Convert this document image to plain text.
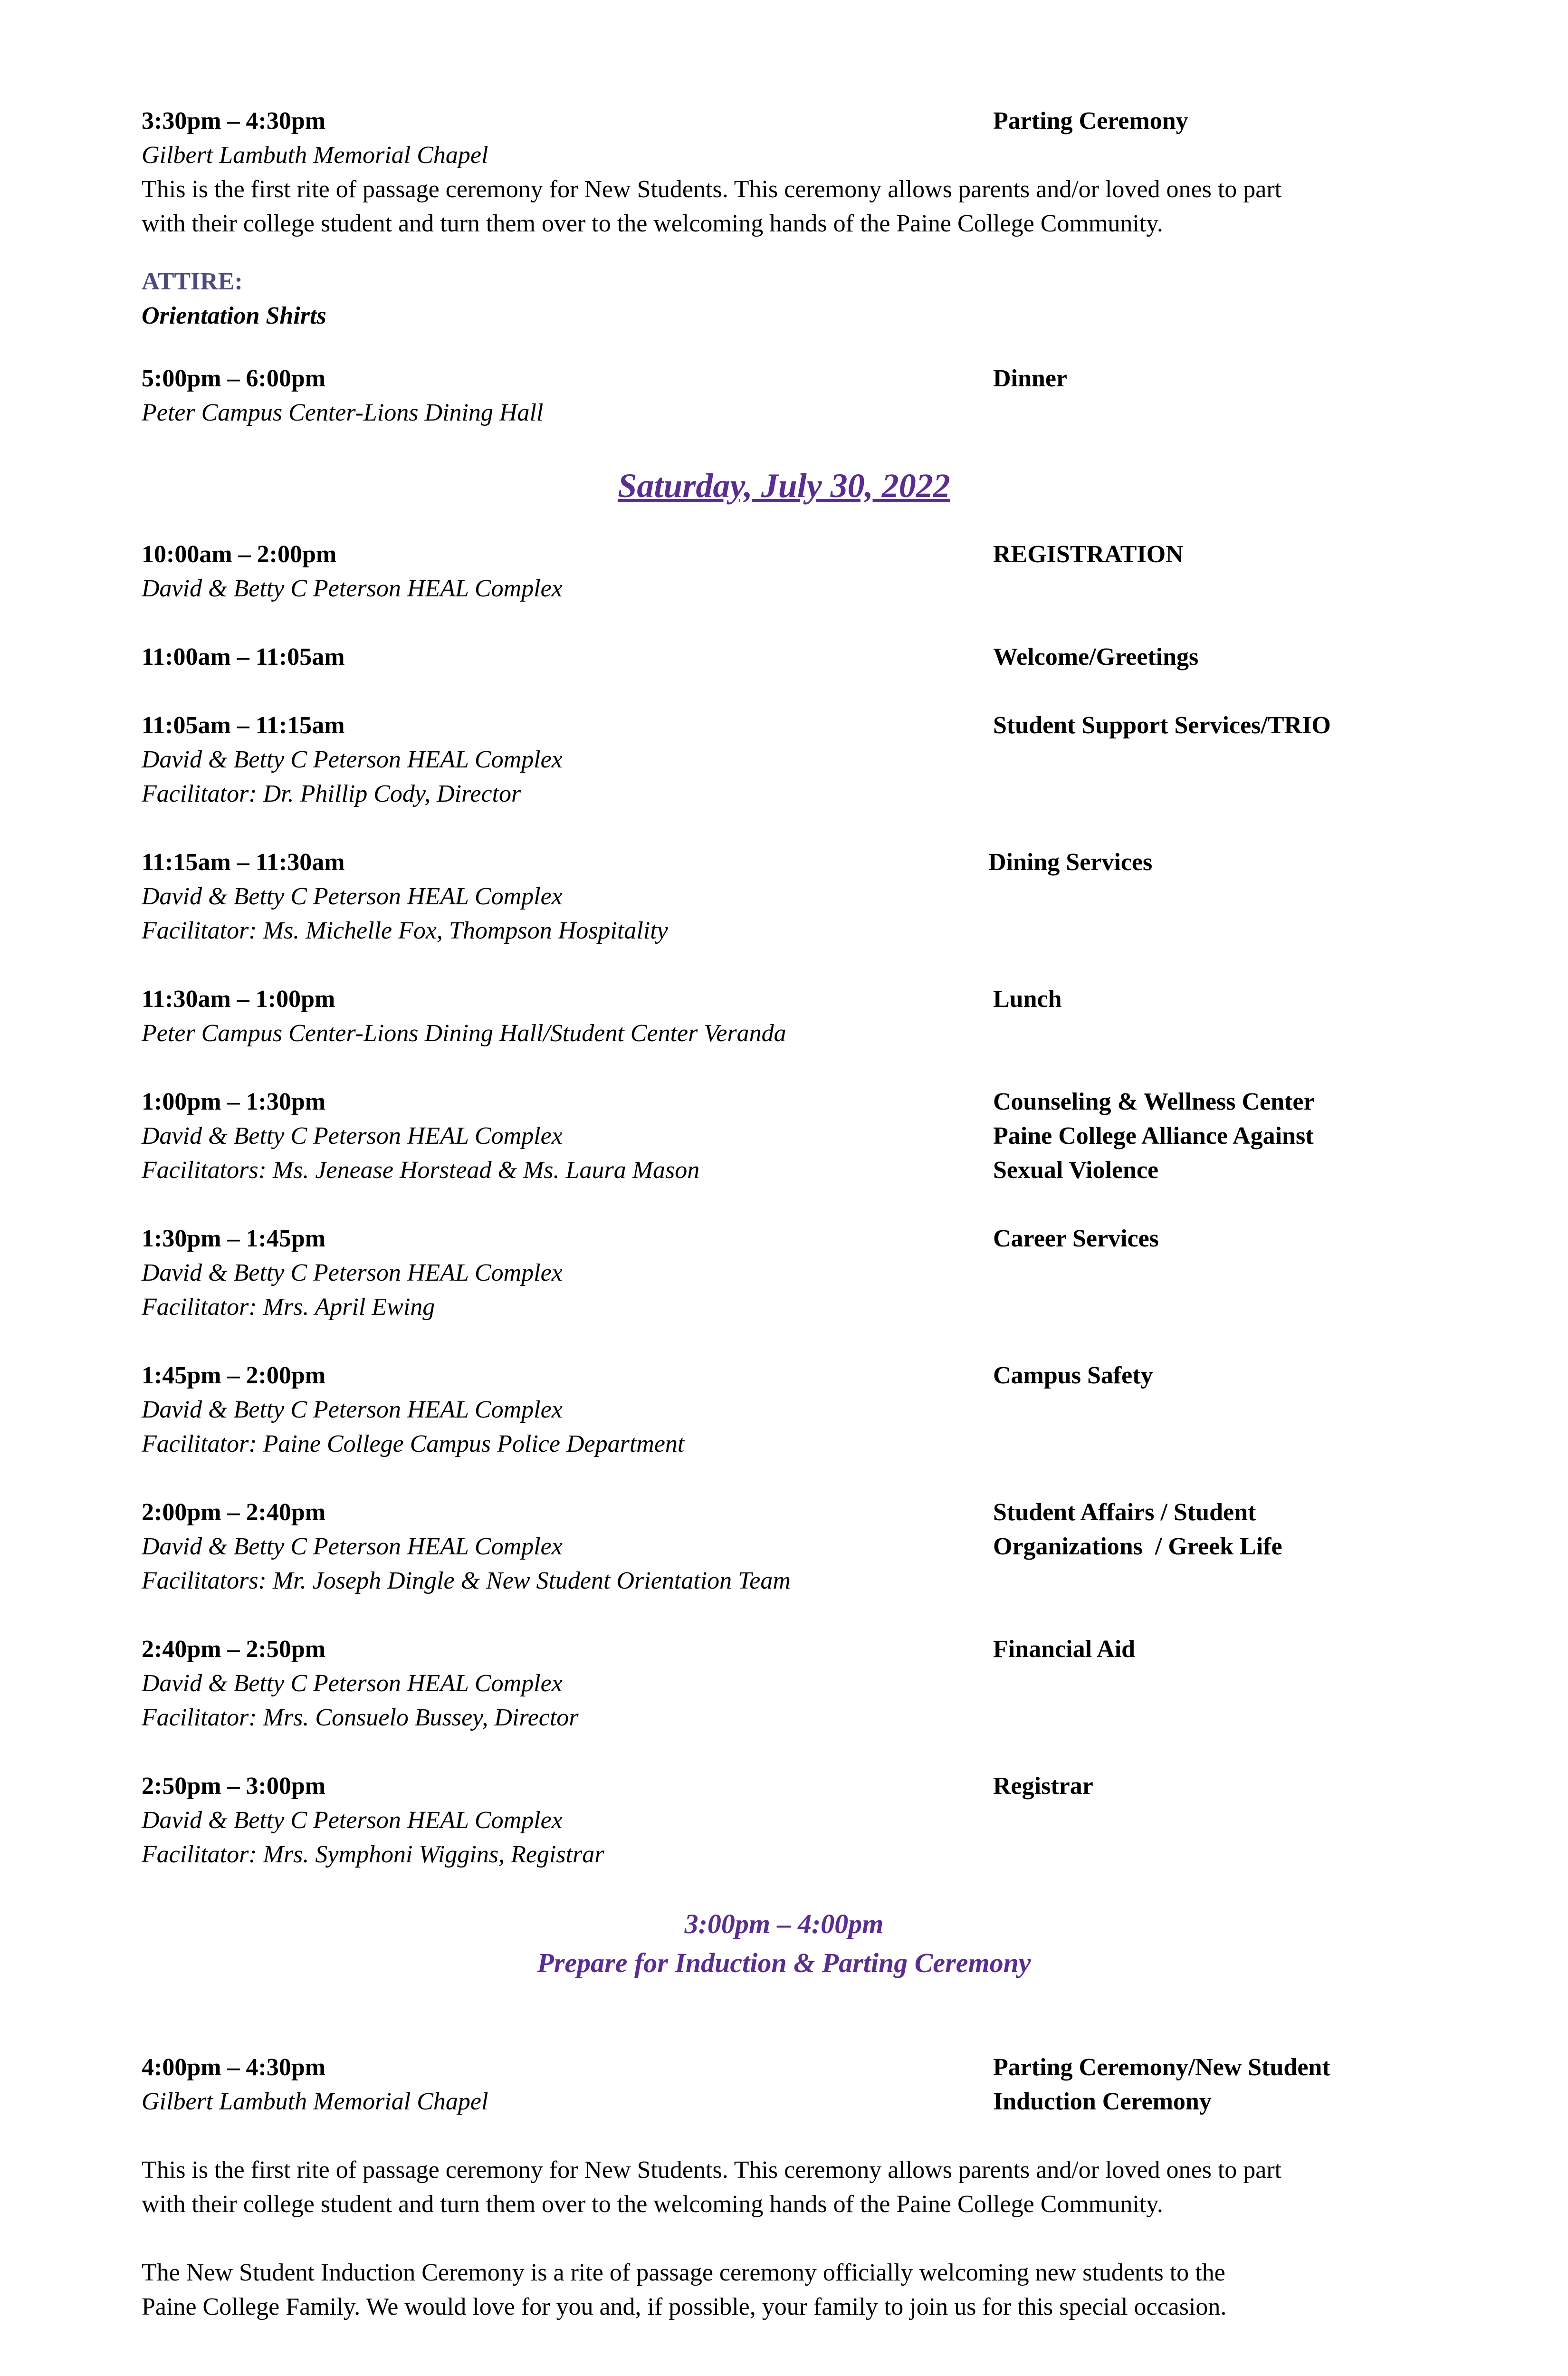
3:30pm – 4:30pm	Parting Ceremony
Gilbert Lambuth Memorial Chapel
This is the first rite of passage ceremony for New Students. This ceremony allows parents and/or loved ones to part
with their college student and turn them over to the welcoming hands of the Paine College Community.
ATTIRE:
Orientation Shirts
5:00pm – 6:00pm	Dinner
Peter Campus Center-Lions Dining Hall
Saturday, July 30, 2022
10:00am – 2:00pm	REGISTRATION
David & Betty C Peterson HEAL Complex
11:00am – 11:05am	Welcome/Greetings
11:05am – 11:15am	Student Support Services/TRIO
David & Betty C Peterson HEAL Complex
Facilitator: Dr. Phillip Cody, Director
11:15am – 11:30am	Dining Services
David & Betty C Peterson HEAL Complex
Facilitator: Ms. Michelle Fox, Thompson Hospitality
11:30am – 1:00pm	Lunch
Peter Campus Center-Lions Dining Hall/Student Center Veranda
1:00pm – 1:30pm	Counseling & Wellness Center
David & Betty C Peterson HEAL Complex	Paine College Alliance Against
Facilitators: Ms. Jenease Horstead & Ms. Laura Mason	Sexual Violence
1:30pm – 1:45pm	Career Services
David & Betty C Peterson HEAL Complex
Facilitator: Mrs. April Ewing
1:45pm – 2:00pm	Campus Safety
David & Betty C Peterson HEAL Complex
Facilitator: Paine College Campus Police Department
2:00pm – 2:40pm	Student Affairs / Student
David & Betty C Peterson HEAL Complex	Organizations  / Greek Life
Facilitators: Mr. Joseph Dingle & New Student Orientation Team
2:40pm – 2:50pm	Financial Aid
David & Betty C Peterson HEAL Complex
Facilitator: Mrs. Consuelo Bussey, Director
2:50pm – 3:00pm	Registrar
David & Betty C Peterson HEAL Complex
Facilitator: Mrs. Symphoni Wiggins, Registrar
3:00pm – 4:00pm
Prepare for Induction & Parting Ceremony
4:00pm – 4:30pm	Parting Ceremony/New Student
Gilbert Lambuth Memorial Chapel	Induction Ceremony
This is the first rite of passage ceremony for New Students. This ceremony allows parents and/or loved ones to part
with their college student and turn them over to the welcoming hands of the Paine College Community.
The New Student Induction Ceremony is a rite of passage ceremony officially welcoming new students to the
Paine College Family. We would love for you and, if possible, your family to join us for this special occasion.
